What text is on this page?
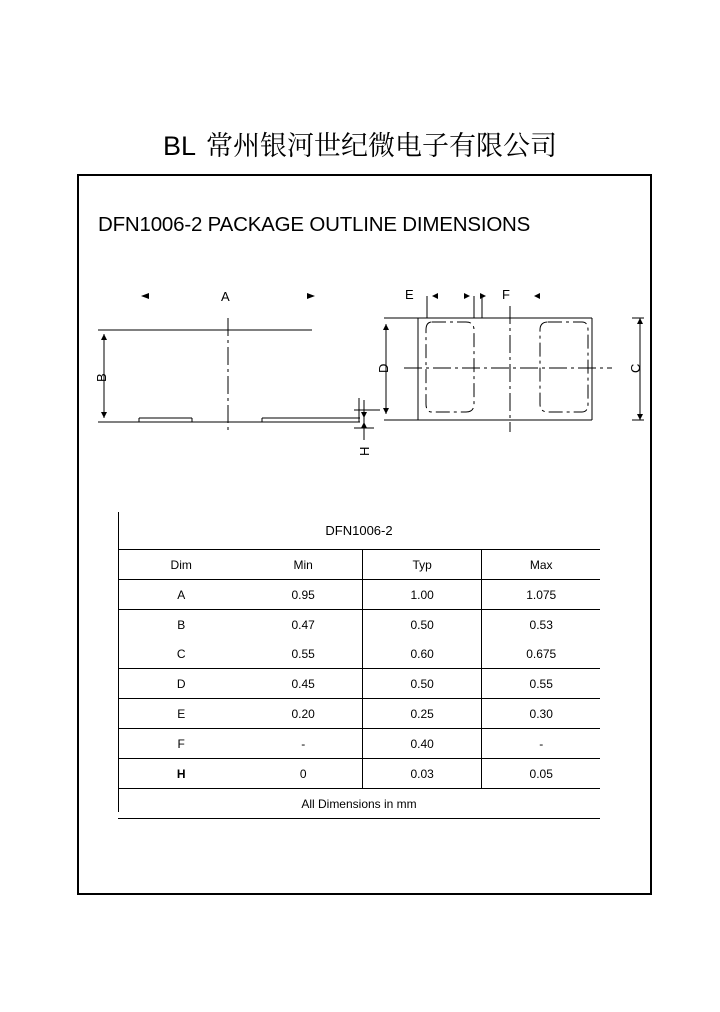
BL 常州银河世纪微电子有限公司
DFN1006-2 PACKAGE OUTLINE DIMENSIONS
A	E	F
B
D	C
H
DFN1006-2			
Dim	Min	Typ	Max
A	0.95	1.00	1.075
B	0.47	0.50	0.53
C	0.55	0.60	0.675
D	0.45	0.50	0.55
E	0.20	0.25	0.30
F	-	0.40	-
H	0	0.03	0.05
All Dimensions in mm			
